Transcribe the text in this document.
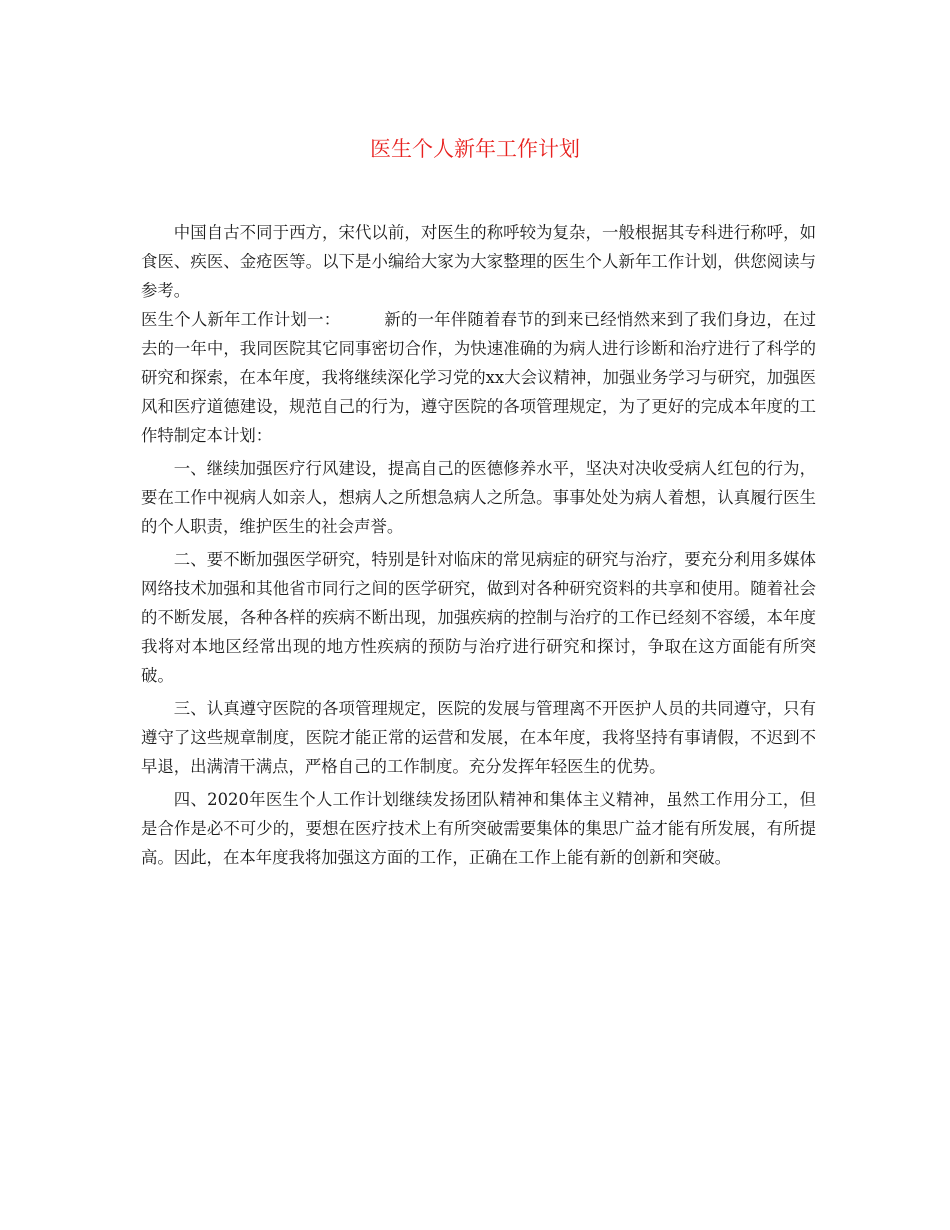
医生个人新年工作计划

中国自古不同于西方，宋代以前，对医生的称呼较为复杂，一般根据其专科进行称呼，如食医、疾医、金疮医等。以下是小编给大家为大家整理的医生个人新年工作计划，供您阅读与参考。

医生个人新年工作计划一：	新的一年伴随着春节的到来已经悄然来到了我们身边，在过去的一年中，我同医院其它同事密切合作，为快速准确的为病人进行诊断和治疗进行了科学的研究和探索，在本年度，我将继续深化学习党的xx大会议精神，加强业务学习与研究，加强医风和医疗道德建设，规范自己的行为，遵守医院的各项管理规定，为了更好的完成本年度的工作特制定本计划：

一、继续加强医疗行风建设，提高自己的医德修养水平，坚决对决收受病人红包的行为，要在工作中视病人如亲人，想病人之所想急病人之所急。事事处处为病人着想，认真履行医生的个人职责，维护医生的社会声誉。

二、要不断加强医学研究，特别是针对临床的常见病症的研究与治疗，要充分利用多媒体网络技术加强和其他省市同行之间的医学研究，做到对各种研究资料的共享和使用。随着社会的不断发展，各种各样的疾病不断出现，加强疾病的控制与治疗的工作已经刻不容缓，本年度我将对本地区经常出现的地方性疾病的预防与治疗进行研究和探讨，争取在这方面能有所突破。

三、认真遵守医院的各项管理规定，医院的发展与管理离不开医护人员的共同遵守，只有遵守了这些规章制度，医院才能正常的运营和发展，在本年度，我将坚持有事请假，不迟到不早退，出满清干满点，严格自己的工作制度。充分发挥年轻医生的优势。

四、2020年医生个人工作计划继续发扬团队精神和集体主义精神，虽然工作用分工，但是合作是必不可少的，要想在医疗技术上有所突破需要集体的集思广益才能有所发展，有所提高。因此，在本年度我将加强这方面的工作，正确在工作上能有新的创新和突破。
